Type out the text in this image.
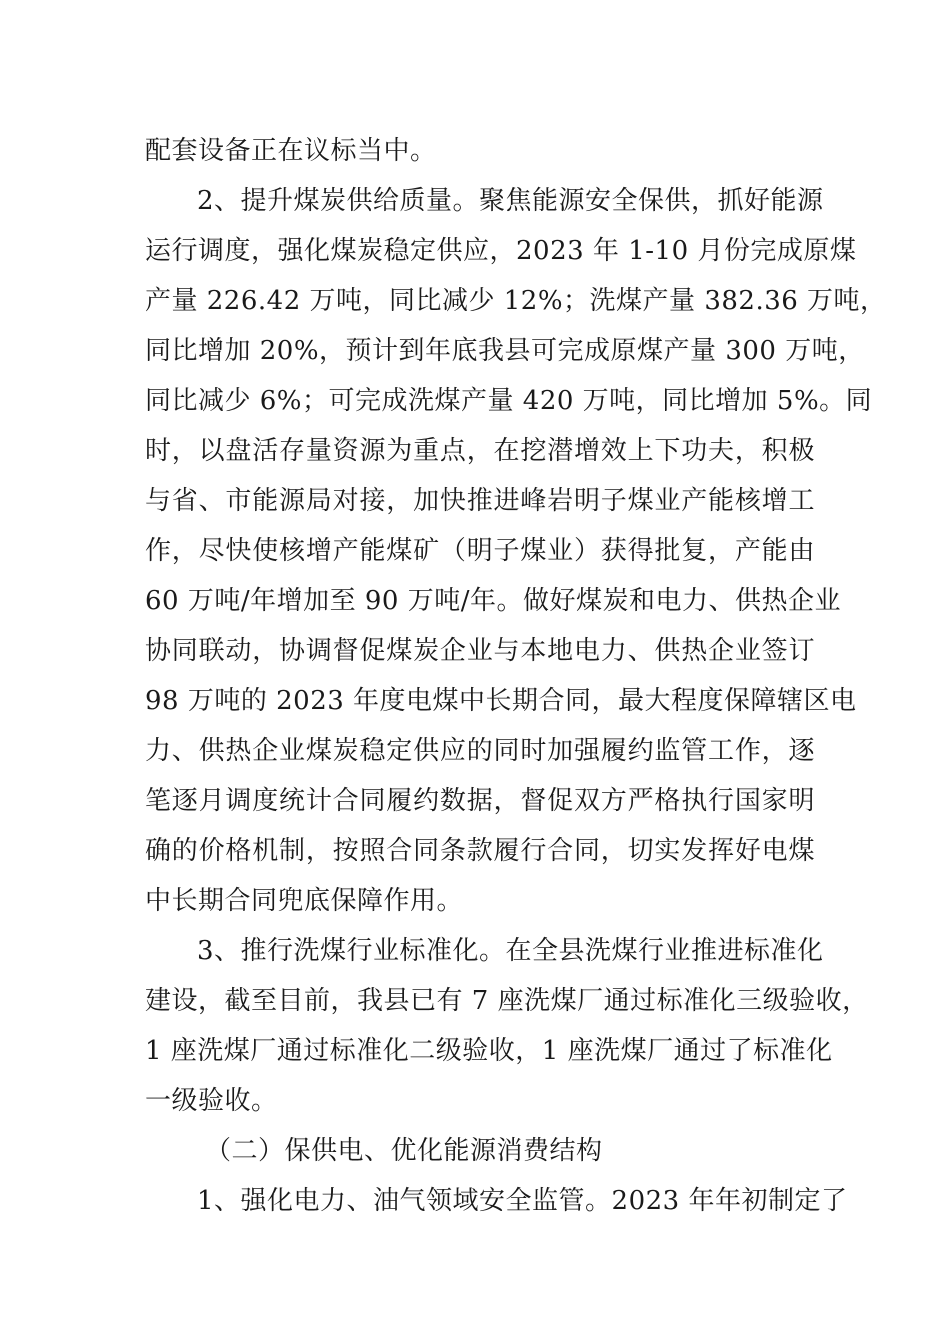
配套设备正在议标当中。
2、提升煤炭供给质量。聚焦能源安全保供，抓好能源
运行调度，强化煤炭稳定供应，2023 年 1-10 月份完成原煤
产量 226.42 万吨，同比减少 12%；洗煤产量 382.36 万吨，
同比增加 20%，预计到年底我县可完成原煤产量 300 万吨，
同比减少 6%；可完成洗煤产量 420 万吨，同比增加 5%。同
时，以盘活存量资源为重点，在挖潜增效上下功夫，积极
与省、市能源局对接，加快推进峰岩明子煤业产能核增工
作，尽快使核增产能煤矿（明子煤业）获得批复，产能由
60 万吨/年增加至 90 万吨/年。做好煤炭和电力、供热企业
协同联动，协调督促煤炭企业与本地电力、供热企业签订
98 万吨的 2023 年度电煤中长期合同，最大程度保障辖区电
力、供热企业煤炭稳定供应的同时加强履约监管工作，逐
笔逐月调度统计合同履约数据，督促双方严格执行国家明
确的价格机制，按照合同条款履行合同，切实发挥好电煤
中长期合同兜底保障作用。
3、推行洗煤行业标准化。在全县洗煤行业推进标准化
建设，截至目前，我县已有 7 座洗煤厂通过标准化三级验收，
1 座洗煤厂通过标准化二级验收，1 座洗煤厂通过了标准化
一级验收。
（二）保供电、优化能源消费结构
1、强化电力、油气领域安全监管。2023 年年初制定了
